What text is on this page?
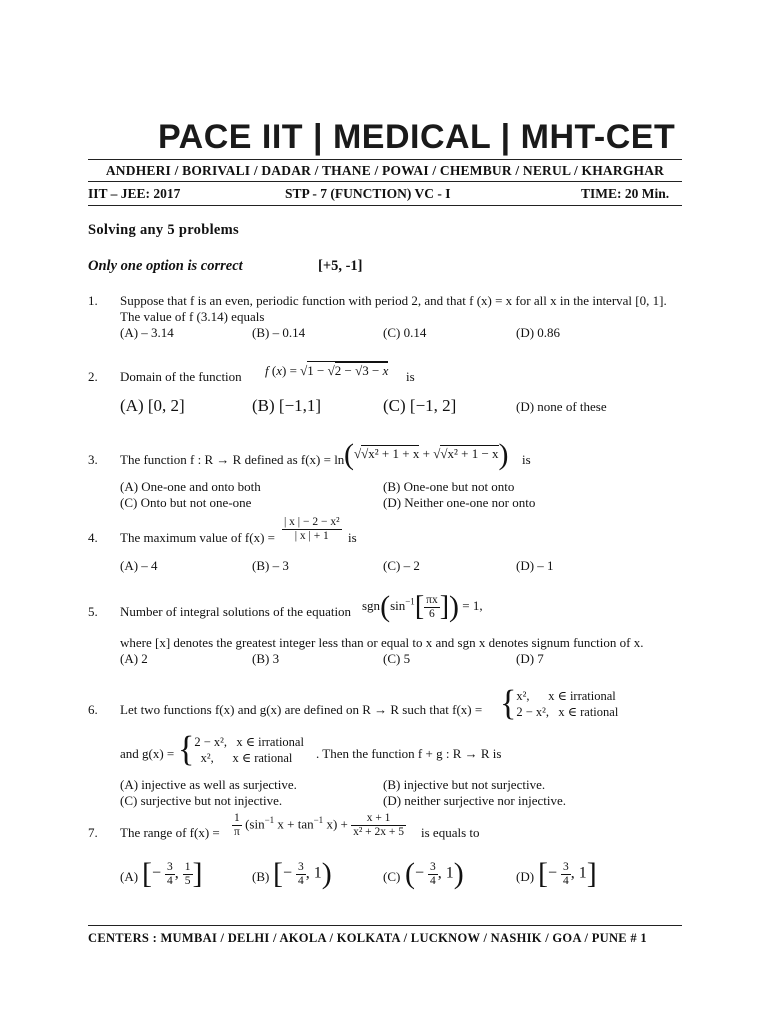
PACE IIT | MEDICAL | MHT-CET
ANDHERI / BORIVALI / DADAR / THANE / POWAI / CHEMBUR / NERUL / KHARGHAR
IIT – JEE: 2017	STP - 7 (FUNCTION) VC - I	TIME: 20 Min.
Solving any 5 problems
Only one option is correct	[+5, -1]
1. Suppose that f is an even, periodic function with period 2, and that f (x) = x for all x in the interval [0, 1]. The value of f (3.14) equals
(A) – 3.14	(B) – 0.14	(C) 0.14	(D) 0.86
2. Domain of the function f (x) = √1 − √2 − √3 − x is
(A) [0, 2]	(B) [−1,1]	(C) [−1, 2]	(D) none of these
3. The function f : R → R defined as f(x) = ln (√√x² + 1 + x + √√x² + 1 − x) is
(A) One-one and onto both	(B) One-one but not onto
(C) Onto but not one-one	(D) Neither one-one nor onto
4. The maximum value of $f(x) = \frac{\text{| x | − 2 − x²}}{| x | + 1}$ is
(A) – 4	(B) – 3	(C) – 2	(D) – 1
5. Number of integral solutions of the equation $sgn(\sin^{-1}[ \frac{\pi x}{6}$ ]) = 1,
where [x] denotes the greatest integer less than or equal to x and sgn x denotes signum function of x.
(A) 2	(B) 3	(C) 5	(D) 7
6. Let two functions f(x) and g(x) are defined on R → R such that f(x) = { x²,      x ∈ irrational
2 − x²,   x ∈ rational
and g(x) = { 2 − x²,   x ∈ irrational
x²,      x ∈ rational	. Then the function f + g : R → R is
(A) injective as well as surjective.	(B) injective but not surjective.
(C) surjective but not injective.	(D) neither surjective nor injective.
7. The range of $f(x) = \frac{1}{\pi} (\sin^{-1}$ $x + \tan^{-1} x) + \frac{x + 1}{\text{x² + 2x + 5}}$ is equals to
(A) [− $\frac{3}{4}$ , $\frac{1}{5}$ ]	(B) [− $\frac{3}{4}$ , 1)	(C) (− $\frac{3}{4}$ , 1)	(D) [− $\frac{3}{4}$ , 1]
CENTERS : MUMBAI / DELHI / AKOLA / KOLKATA / LUCKNOW / NASHIK / GOA / PUNE # 1
